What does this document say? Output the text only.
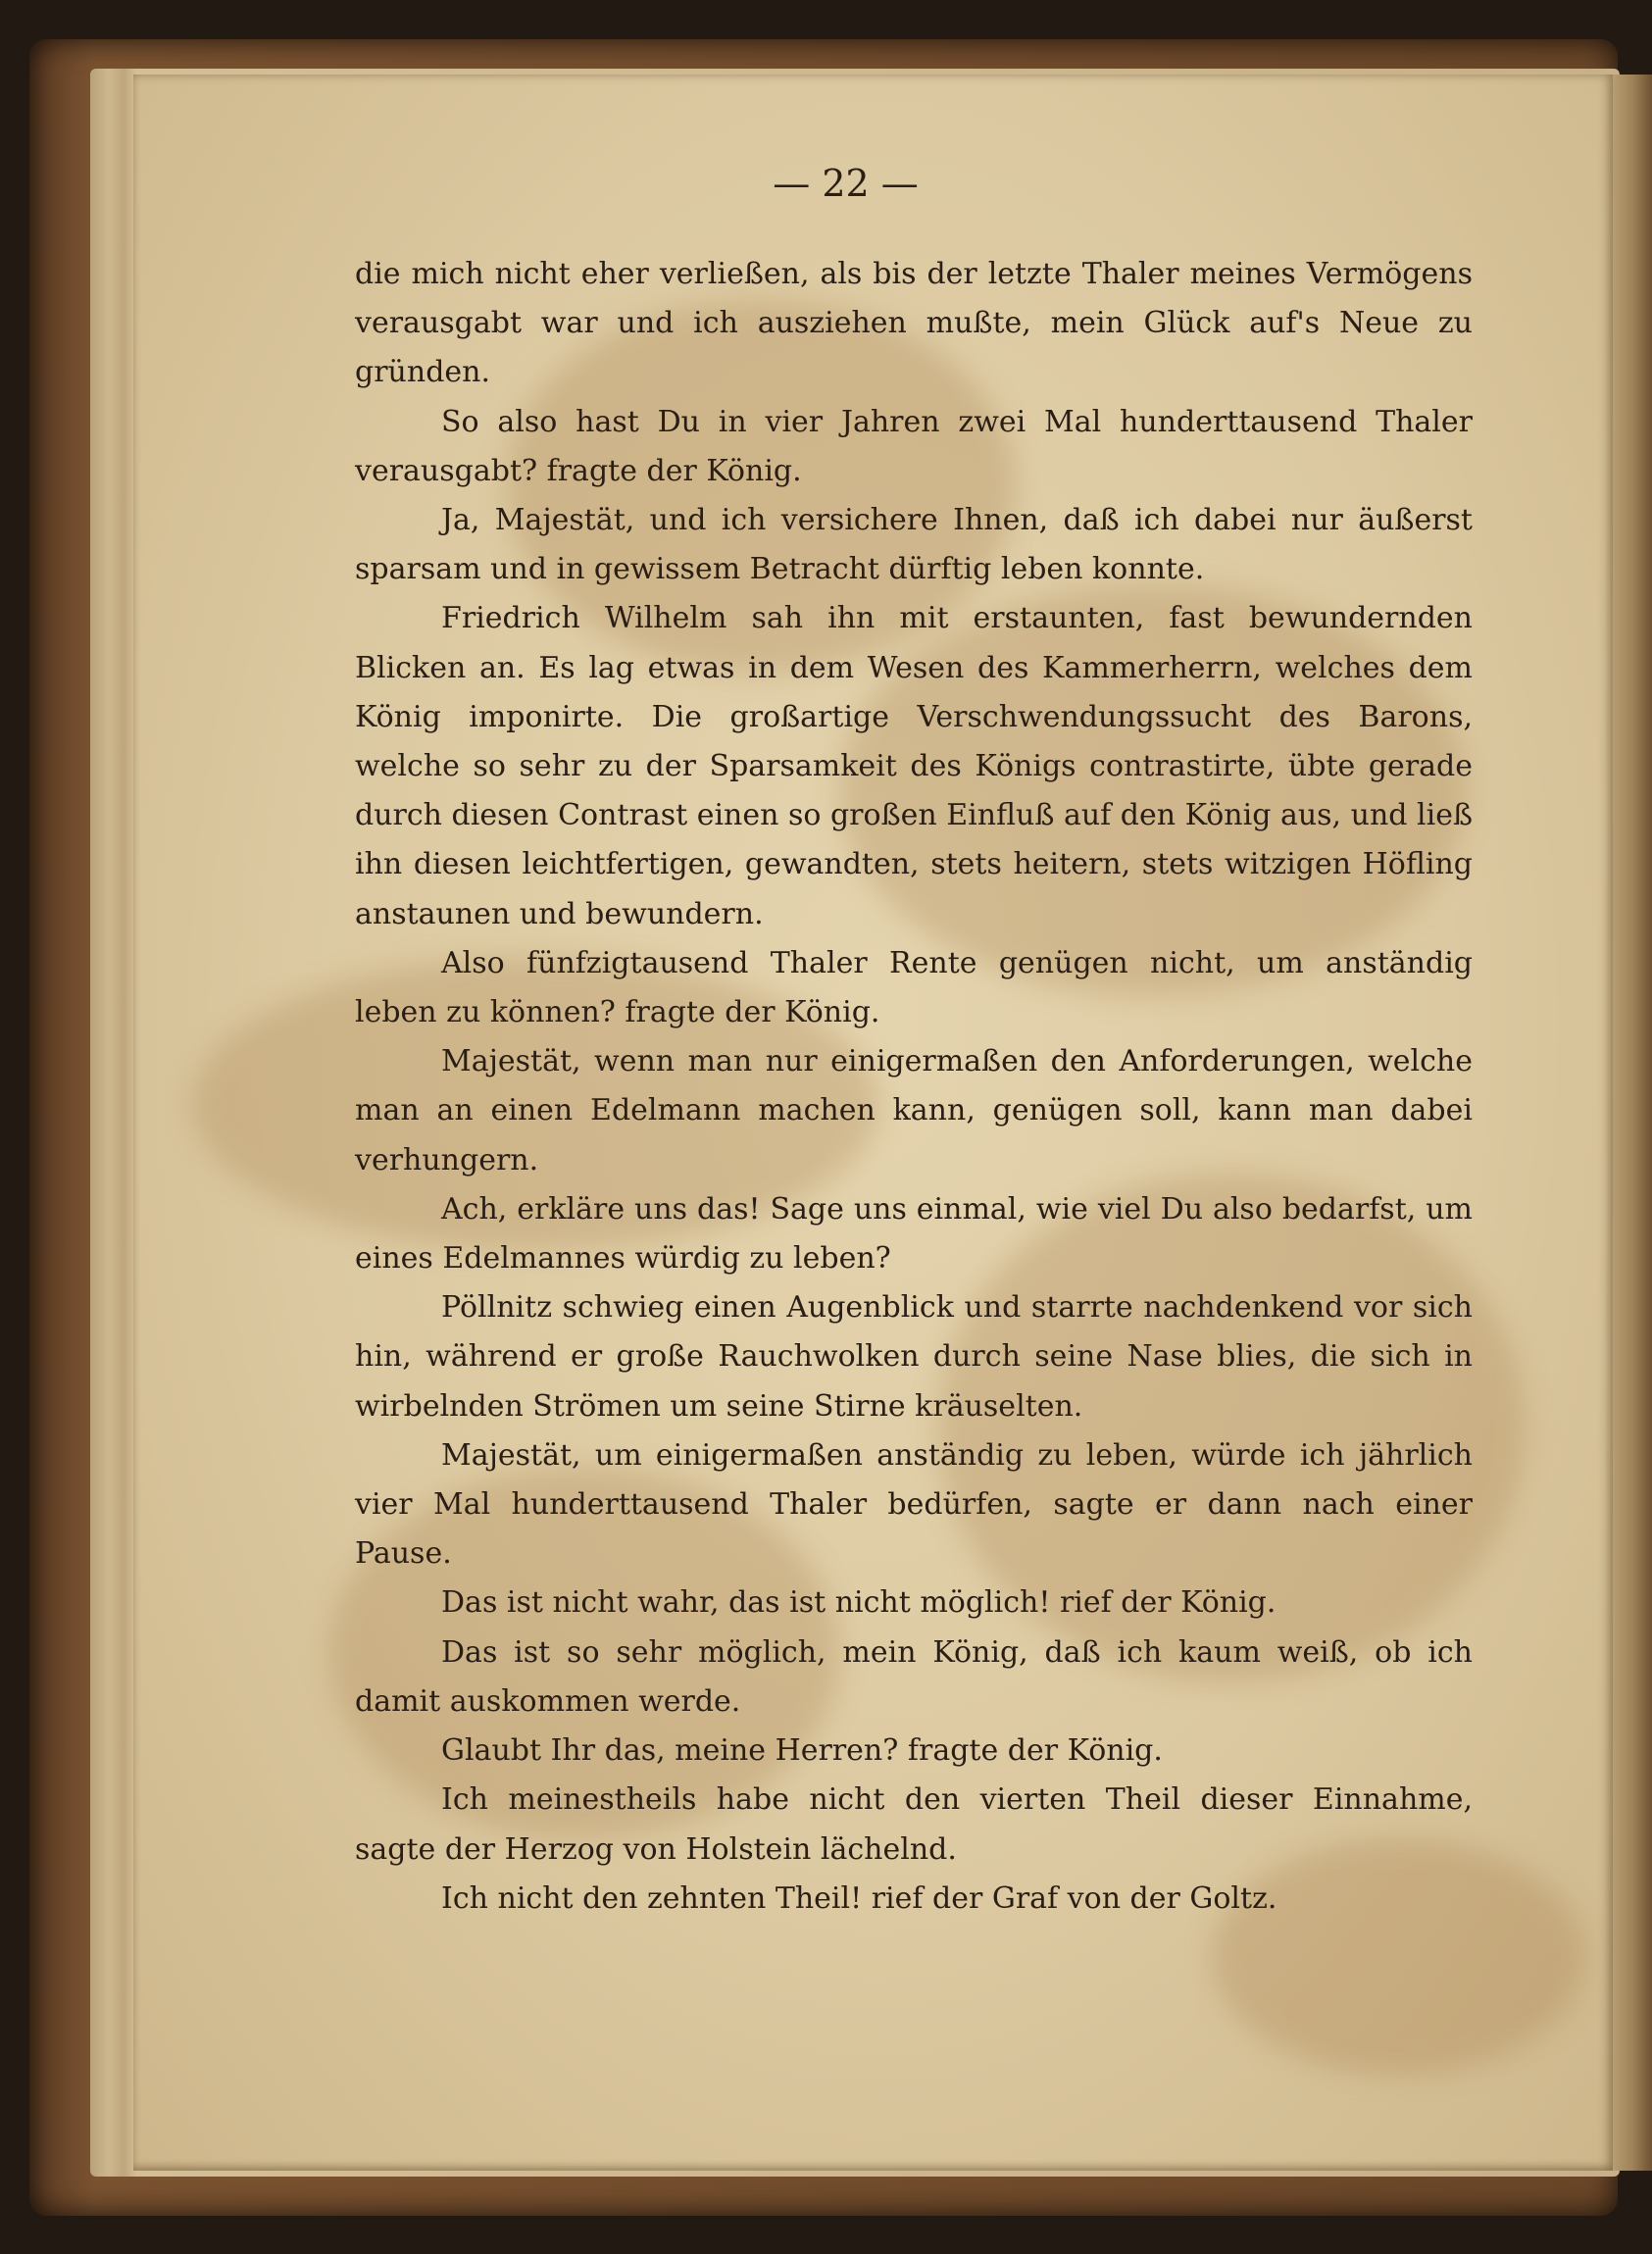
— 22 —

die mich nicht eher verließen, als bis der letzte Thaler meines Vermögens verausgabt war und ich ausziehen mußte, mein Glück auf's Neue zu gründen.

So also hast Du in vier Jahren zwei Mal hunderttausend Thaler verausgabt? fragte der König.

Ja, Majestät, und ich versichere Ihnen, daß ich dabei nur äußerst sparsam und in gewissem Betracht dürftig leben konnte.

Friedrich Wilhelm sah ihn mit erstaunten, fast bewundernden Blicken an. Es lag etwas in dem Wesen des Kammerherrn, welches dem König imponirte. Die großartige Verschwendungssucht des Barons, welche so sehr zu der Sparsamkeit des Königs contrastirte, übte gerade durch diesen Contrast einen so großen Einfluß auf den König aus, und ließ ihn diesen leichtfertigen, gewandten, stets heitern, stets witzigen Höfling anstaunen und bewundern.

Also fünfzigtausend Thaler Rente genügen nicht, um anständig leben zu können? fragte der König.

Majestät, wenn man nur einigermaßen den Anforderungen, welche man an einen Edelmann machen kann, genügen soll, kann man dabei verhungern.

Ach, erkläre uns das! Sage uns einmal, wie viel Du also bedarfst, um eines Edelmannes würdig zu leben?

Pöllnitz schwieg einen Augenblick und starrte nachdenkend vor sich hin, während er große Rauchwolken durch seine Nase blies, die sich in wirbelnden Strömen um seine Stirne kräuselten.

Majestät, um einigermaßen anständig zu leben, würde ich jährlich vier Mal hunderttausend Thaler bedürfen, sagte er dann nach einer Pause.

Das ist nicht wahr, das ist nicht möglich! rief der König.

Das ist so sehr möglich, mein König, daß ich kaum weiß, ob ich damit auskommen werde.

Glaubt Ihr das, meine Herren? fragte der König.

Ich meinestheils habe nicht den vierten Theil dieser Einnahme, sagte der Herzog von Holstein lächelnd.

Ich nicht den zehnten Theil! rief der Graf von der Goltz.
